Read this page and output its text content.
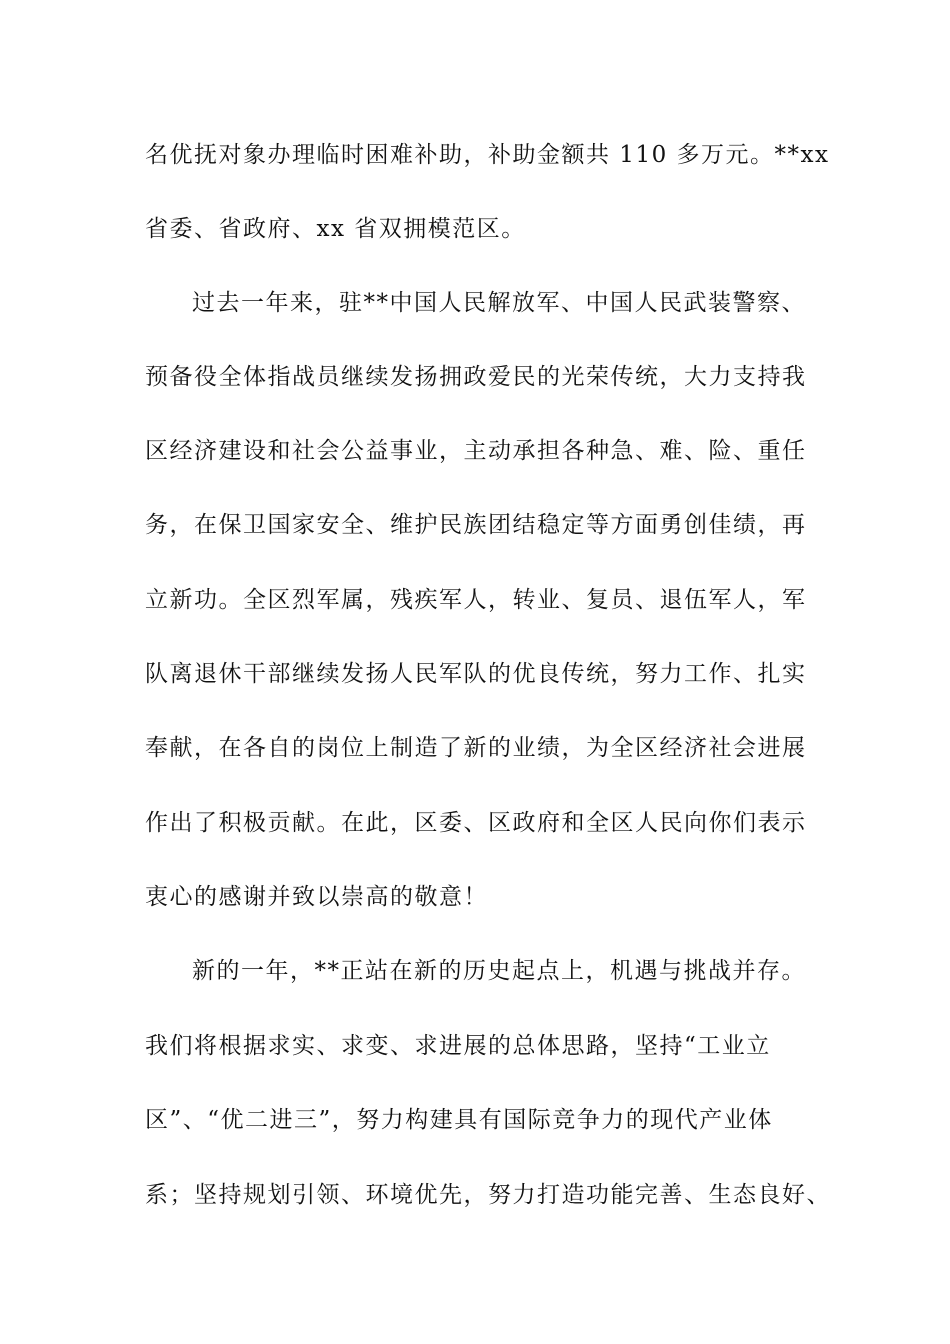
名优抚对象办理临时困难补助，补助金额共 110 多万元。**xx
省委、省政府、xx 省双拥模范区。
过去一年来，驻**中国人民解放军、中国人民武装警察、
预备役全体指战员继续发扬拥政爱民的光荣传统，大力支持我
区经济建设和社会公益事业，主动承担各种急、难、险、重任
务，在保卫国家安全、维护民族团结稳定等方面勇创佳绩，再
立新功。全区烈军属，残疾军人，转业、复员、退伍军人，军
队离退休干部继续发扬人民军队的优良传统，努力工作、扎实
奉献，在各自的岗位上制造了新的业绩，为全区经济社会进展
作出了积极贡献。在此，区委、区政府和全区人民向你们表示
衷心的感谢并致以崇高的敬意！
新的一年，**正站在新的历史起点上，机遇与挑战并存。
我们将根据求实、求变、求进展的总体思路，坚持“工业立
区”、“优二进三”，努力构建具有国际竞争力的现代产业体
系；坚持规划引领、环境优先，努力打造功能完善、生态良好、
